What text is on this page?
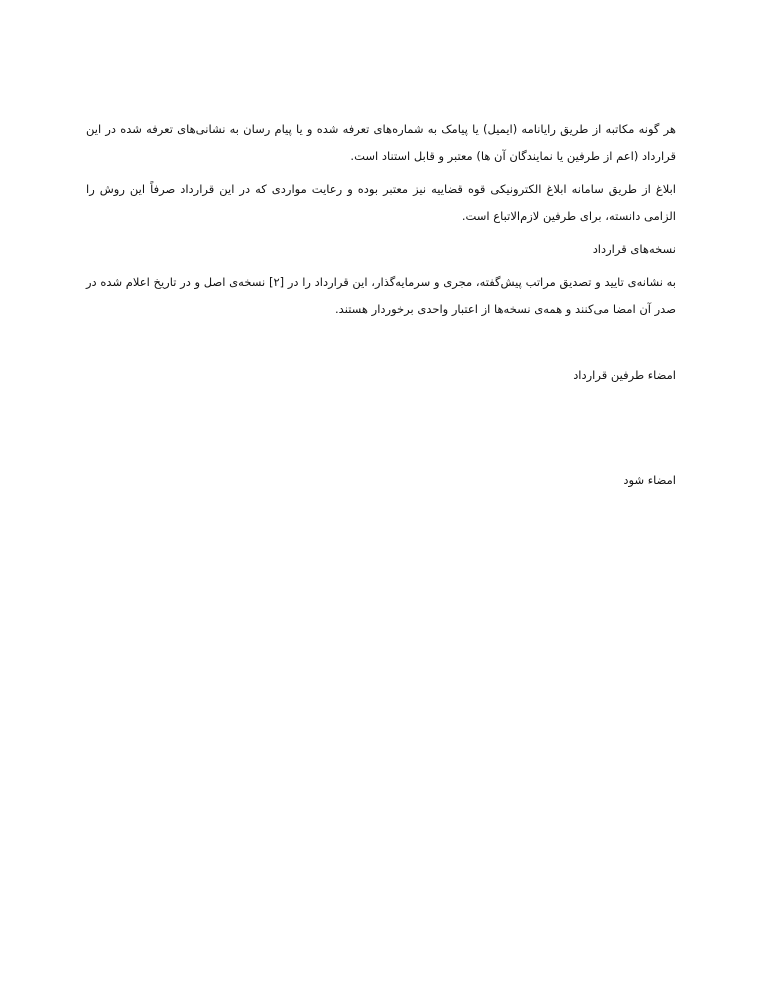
هر گونه مکاتبه از طریق رایانامه (ایمیل) یا پیامک به شماره‌های تعرفه شده و یا پیام رسان به نشانی‌های تعرفه شده در این قرارداد (اعم از طرفین یا نمایندگان آن ها) معتبر و قابل استناد است.

ابلاغ از طریق سامانه ابلاغ الکترونیکی قوه قضاییه نیز معتبر بوده و رعایت مواردی که در این قرارداد صرفاً این روش را الزامی دانسته، برای طرفین لازم‌الاتباع است.

نسخه‌های قرارداد

به نشانه‌ی تایید و تصدیق مراتب پیش‌گفته، مجری و سرمایه‌گذار، این قرارداد را در [۲] نسخه‌ی اصل و در تاریخ اعلام شده در صدر آن امضا می‌کنند و همه‌ی نسخه‌ها از اعتبار واحدی برخوردار هستند.

امضاء طرفین قرارداد

امضاء شود
